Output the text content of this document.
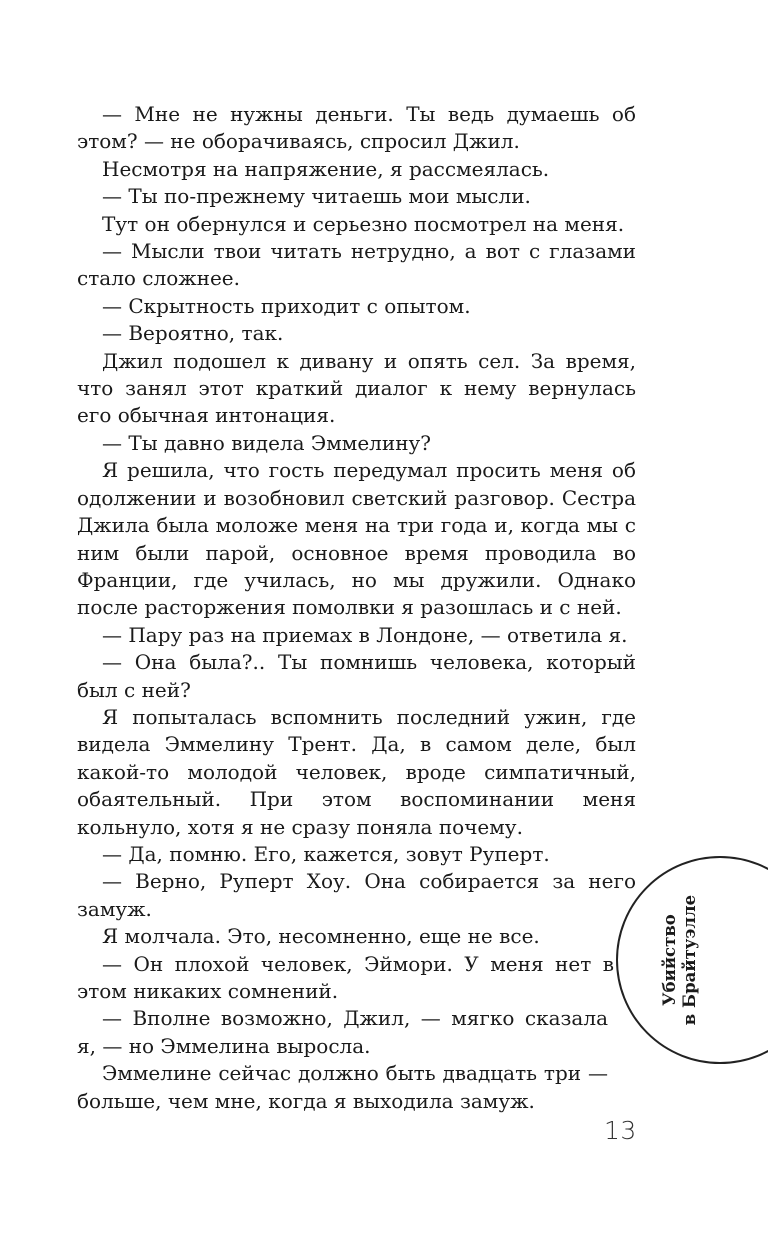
— Мне не нужны деньги. Ты ведь думаешь об этом? — не оборачиваясь, спросил Джил.

Несмотря на напряжение, я рассмеялась.

— Ты по-прежнему читаешь мои мысли.

Тут он обернулся и серьезно посмотрел на меня.

— Мысли твои читать нетрудно, а вот с глазами стало сложнее.

— Скрытность приходит с опытом.

— Вероятно, так.

Джил подошел к дивану и опять сел. За время, что занял этот краткий диалог к нему вернулась его обычная интонация.

— Ты давно видела Эммелину?

Я решила, что гость передумал просить меня об одолжении и возобновил светский разговор. Сестра Джила была моложе меня на три года и, когда мы с ним были парой, основное время проводила во Франции, где училась, но мы дружили. Однако после расторжения помолвки я разошлась и с ней.

— Пару раз на приемах в Лондоне, — ответила я.

— Она была?.. Ты помнишь человека, который был с ней?

Я попыталась вспомнить последний ужин, где видела Эммелину Трент. Да, в самом деле, был какой-то молодой человек, вроде симпатичный, обаятельный. При этом воспоминании меня кольнуло, хотя я не сразу поняла почему.

— Да, помню. Его, кажется, зовут Руперт.

— Верно, Руперт Хоу. Она собирается за него замуж.

Я молчала. Это, несомненно, еще не все.

— Он плохой человек, Эймори. У меня нет в этом никаких сомнений.

— Вполне возможно, Джил, — мягко сказала я, — но Эммелина выросла.

Эммелине сейчас должно быть двадцать три — больше, чем мне, когда я выходила замуж.

Убийство в Брайтуэлле
13
